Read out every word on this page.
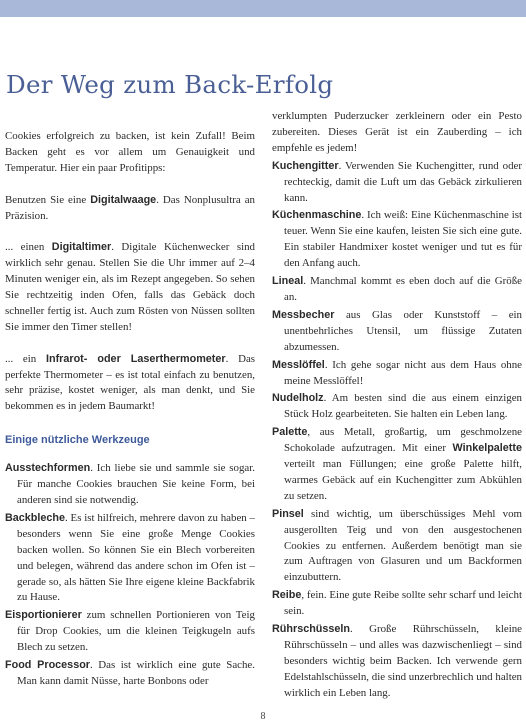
Der Weg zum Back-Erfolg

Cookies erfolgreich zu backen, ist kein Zufall! Beim Backen geht es vor allem um Genauigkeit und Temperatur. Hier ein paar Profitipps:

Benutzen Sie eine Digitalwaage. Das Nonplusultra an Präzision.

... einen Digitaltimer. Digitale Küchenwecker sind wirklich sehr genau. Stellen Sie die Uhr immer auf 2–4 Minuten weniger ein, als im Rezept angegeben. So sehen Sie rechtzeitig inden Ofen, falls das Gebäck doch schneller fertig ist. Auch zum Rösten von Nüssen sollten Sie immer den Timer stellen!

... ein Infrarot- oder Laserthermometer. Das perfekte Thermometer – es ist total einfach zu benutzen, sehr präzise, kostet weniger, als man denkt, und Sie bekommen es in jedem Baumarkt!

Einige nützliche Werkzeuge
Ausstechformen. Ich liebe sie und sammle sie sogar. Für manche Cookies brauchen Sie keine Form, bei anderen sind sie notwendig.
Backbleche. Es ist hilfreich, mehrere davon zu haben – besonders wenn Sie eine große Menge Cookies backen wollen. So können Sie ein Blech vorbereiten und belegen, während das andere schon im Ofen ist – gerade so, als hätten Sie Ihre eigene kleine Backfabrik zu Hause.
Eisportionierer zum schnellen Portionieren von Teig für Drop Cookies, um die kleinen Teigkugeln aufs Blech zu setzen.
Food Processor. Das ist wirklich eine gute Sache. Man kann damit Nüsse, harte Bonbons oder
verklumpten Puderzucker zerkleinern oder ein Pesto zubereiten. Dieses Gerät ist ein Zauberding – ich empfehle es jedem!
Kuchengitter. Verwenden Sie Kuchengitter, rund oder rechteckig, damit die Luft um das Gebäck zirkulieren kann.
Küchenmaschine. Ich weiß: Eine Küchenmaschine ist teuer. Wenn Sie eine kaufen, leisten Sie sich eine gute. Ein stabiler Handmixer kostet weniger und tut es für den Anfang auch.
Lineal. Manchmal kommt es eben doch auf die Größe an.
Messbecher aus Glas oder Kunststoff – ein unentbehrliches Utensil, um flüssige Zutaten abzumessen.
Messlöffel. Ich gehe sogar nicht aus dem Haus ohne meine Messlöffel!
Nudelholz. Am besten sind die aus einem einzigen Stück Holz gearbeiteten. Sie halten ein Leben lang.
Palette, aus Metall, großartig, um geschmolzene Schokolade aufzutragen. Mit einer Winkelpalette verteilt man Füllungen; eine große Palette hilft, warmes Gebäck auf ein Kuchengitter zum Abkühlen zu setzen.
Pinsel sind wichtig, um überschüssiges Mehl vom ausgerollten Teig und von den ausgestochenen Cookies zu entfernen. Außerdem benötigt man sie zum Auftragen von Glasuren und um Backformen einzubuttern.
Reibe, fein. Eine gute Reibe sollte sehr scharf und leicht sein.
Rührschüsseln. Große Rührschüsseln, kleine Rührschüsseln – und alles was dazwischenliegt – sind besonders wichtig beim Backen. Ich verwende gern Edelstahlschüsseln, die sind unzerbrechlich und halten wirklich ein Leben lang.
8
